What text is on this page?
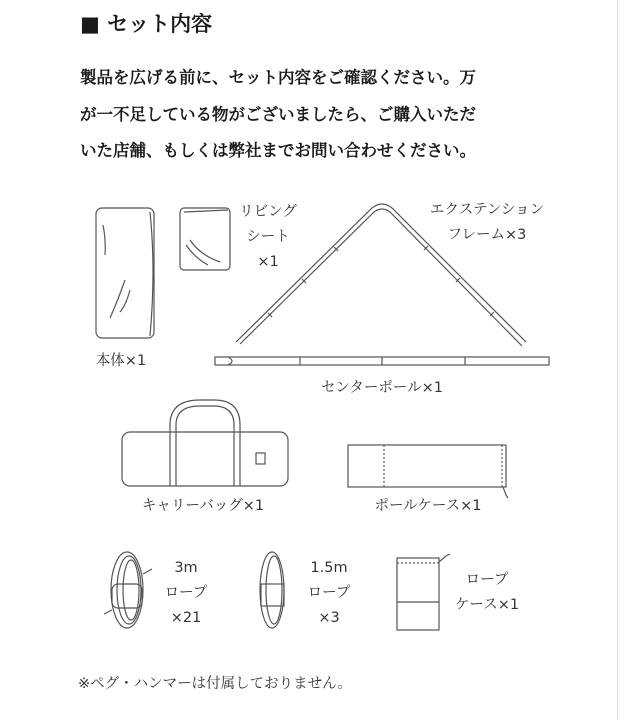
■ セット内容
製品を広げる前に、セット内容をご確認ください。万
が一不足している物がございましたら、ご購入いただ
いた店舗、もしくは弊社までお問い合わせください。
リビング
シート
×1
エクステンション
フレーム×3
本体×1
センターポール×1
キャリーバッグ×1	ポールケース×1
3m
ロープ
×21
1.5m
ロープ
×3
ロープ
ケース×1
※ペグ・ハンマーは付属しておりません。
